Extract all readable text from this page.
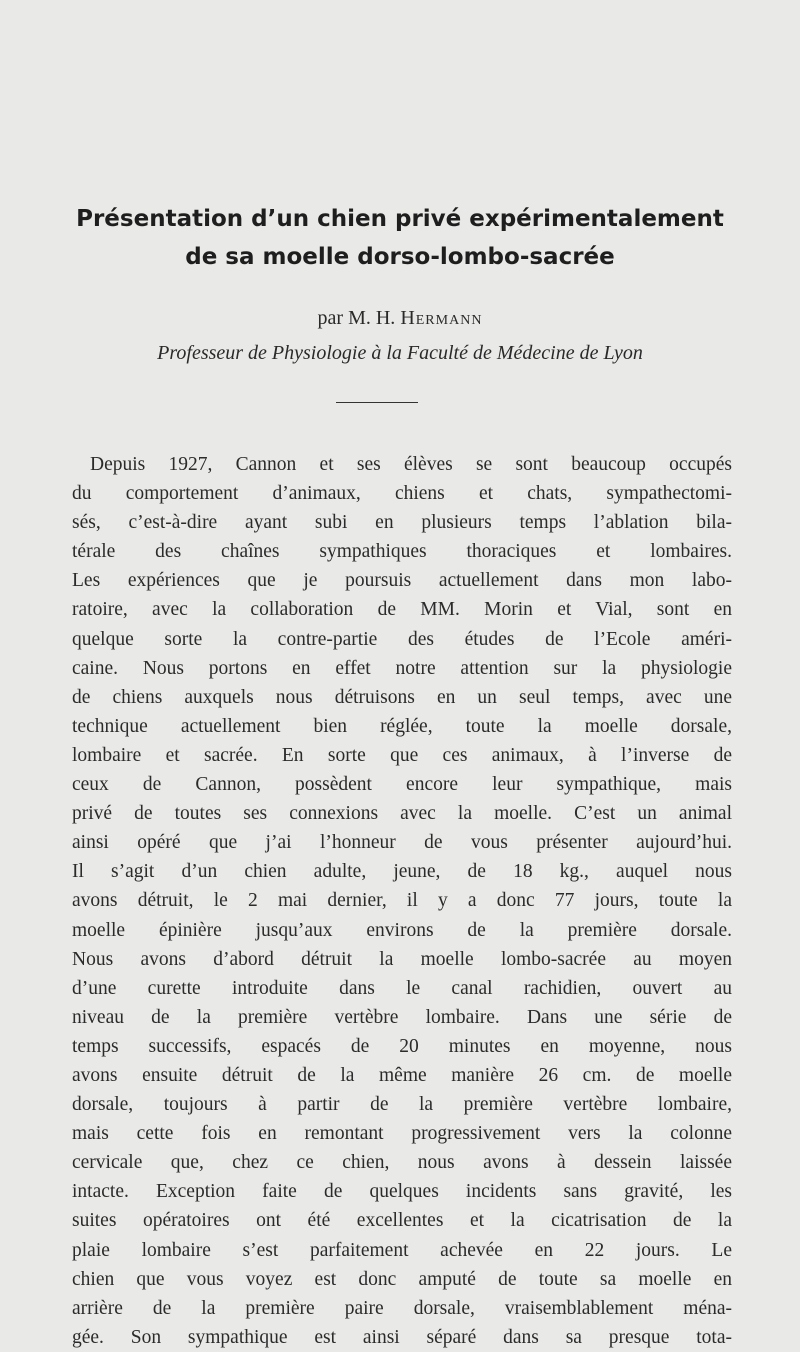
Présentation d’un chien privé expérimentalement
de sa moelle dorso-lombo-sacrée
par M. H. Hermann
Professeur de Physiologie à la Faculté de Médecine de Lyon
Depuis 1927, Cannon et ses élèves se sont beaucoup occupés
du comportement d’animaux, chiens et chats, sympathectomi-
sés, c’est-à-dire ayant subi en plusieurs temps l’ablation bila-
térale des chaînes sympathiques thoraciques et lombaires.
Les expériences que je poursuis actuellement dans mon labo-
ratoire, avec la collaboration de MM. Morin et Vial, sont en
quelque sorte la contre-partie des études de l’Ecole améri-
caine. Nous portons en effet notre attention sur la physiologie
de chiens auxquels nous détruisons en un seul temps, avec une
technique actuellement bien réglée, toute la moelle dorsale,
lombaire et sacrée. En sorte que ces animaux, à l’inverse de
ceux de Cannon, possèdent encore leur sympathique, mais
privé de toutes ses connexions avec la moelle. C’est un animal
ainsi opéré que j’ai l’honneur de vous présenter aujourd’hui.
Il s’agit d’un chien adulte, jeune, de 18 kg., auquel nous
avons détruit, le 2 mai dernier, il y a donc 77 jours, toute la
moelle épinière jusqu’aux environs de la première dorsale.
Nous avons d’abord détruit la moelle lombo-sacrée au moyen
d’une curette introduite dans le canal rachidien, ouvert au
niveau de la première vertèbre lombaire. Dans une série de
temps successifs, espacés de 20 minutes en moyenne, nous
avons ensuite détruit de la même manière 26 cm. de moelle
dorsale, toujours à partir de la première vertèbre lombaire,
mais cette fois en remontant progressivement vers la colonne
cervicale que, chez ce chien, nous avons à dessein laissée
intacte. Exception faite de quelques incidents sans gravité, les
suites opératoires ont été excellentes et la cicatrisation de la
plaie lombaire s’est parfaitement achevée en 22 jours. Le
chien que vous voyez est donc amputé de toute sa moelle en
arrière de la première paire dorsale, vraisemblablement ména-
gée. Son sympathique est ainsi séparé dans sa presque tota-
